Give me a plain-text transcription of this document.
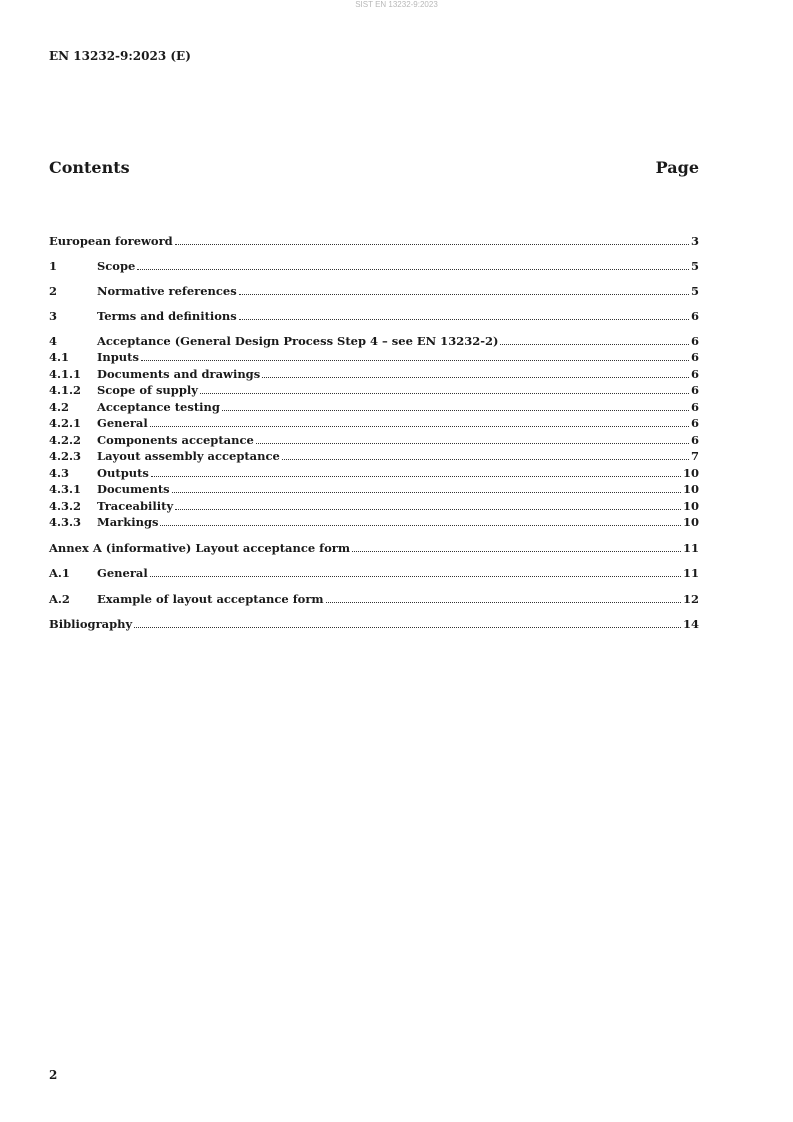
SIST EN 13232-9:2023
EN 13232-9:2023 (E)
Contents	Page
European foreword	3
1	Scope	5
2	Normative references	5
3	Terms and definitions	6
4	Acceptance (General Design Process Step 4 – see EN 13232-2)	6
4.1	Inputs	6
4.1.1	Documents and drawings	6
4.1.2	Scope of supply	6
4.2	Acceptance testing	6
4.2.1	General	6
4.2.2	Components acceptance	6
4.2.3	Layout assembly acceptance	7
4.3	Outputs	10
4.3.1	Documents	10
4.3.2	Traceability	10
4.3.3	Markings	10
Annex A (informative) Layout acceptance form	11
A.1	General	11
A.2	Example of layout acceptance form	12
Bibliography	14
2
